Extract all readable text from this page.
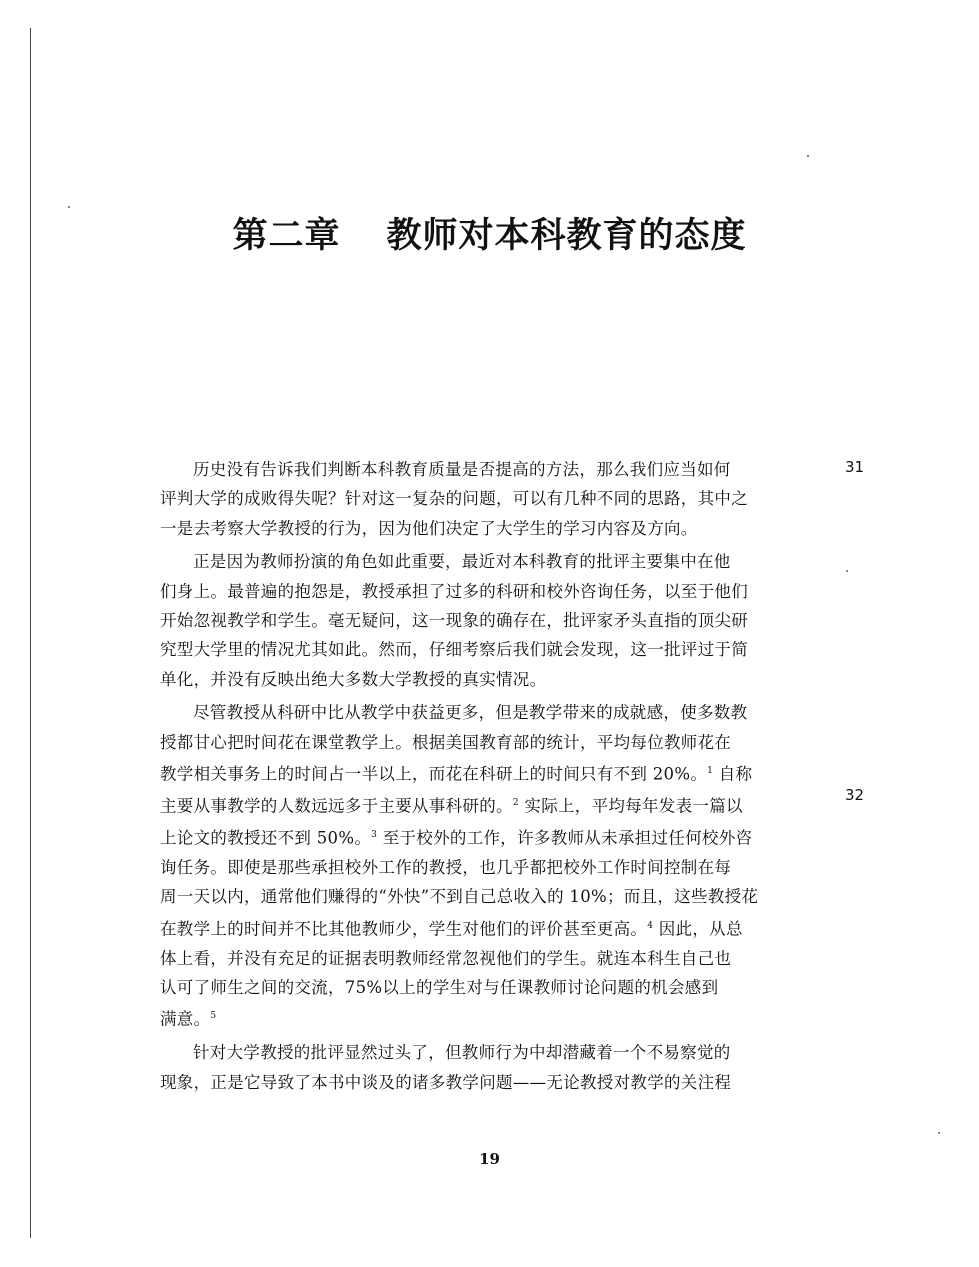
第二章 教师对本科教育的态度
31
32

历史没有告诉我们判断本科教育质量是否提高的方法，那么我们应当如何

评判大学的成败得失呢？针对这一复杂的问题，可以有几种不同的思路，其中之

一是去考察大学教授的行为，因为他们决定了大学生的学习内容及方向。

正是因为教师扮演的角色如此重要，最近对本科教育的批评主要集中在他

们身上。最普遍的抱怨是，教授承担了过多的科研和校外咨询任务，以至于他们

开始忽视教学和学生。毫无疑问，这一现象的确存在，批评家矛头直指的顶尖研

究型大学里的情况尤其如此。然而，仔细考察后我们就会发现，这一批评过于简

单化，并没有反映出绝大多数大学教授的真实情况。

尽管教授从科研中比从教学中获益更多，但是教学带来的成就感，使多数教

授都甘心把时间花在课堂教学上。根据美国教育部的统计，平均每位教师花在

教学相关事务上的时间占一半以上，而花在科研上的时间只有不到 20%。$^1$ 自称

主要从事教学的人数远远多于主要从事科研的。$^2$ 实际上，平均每年发表一篇以

上论文的教授还不到 50%。$^3$ 至于校外的工作，许多教师从未承担过任何校外咨

询任务。即使是那些承担校外工作的教授，也几乎都把校外工作时间控制在每

周一天以内，通常他们赚得的“外快”不到自己总收入的 10%；而且，这些教授花

在教学上的时间并不比其他教师少，学生对他们的评价甚至更高。$^4$ 因此，从总

体上看，并没有充足的证据表明教师经常忽视他们的学生。就连本科生自己也

认可了师生之间的交流，75%以上的学生对与任课教师讨论问题的机会感到

满意。$^5$

针对大学教授的批评显然过头了，但教师行为中却潜藏着一个不易察觉的

现象，正是它导致了本书中谈及的诸多教学问题——无论教授对教学的关注程

19
